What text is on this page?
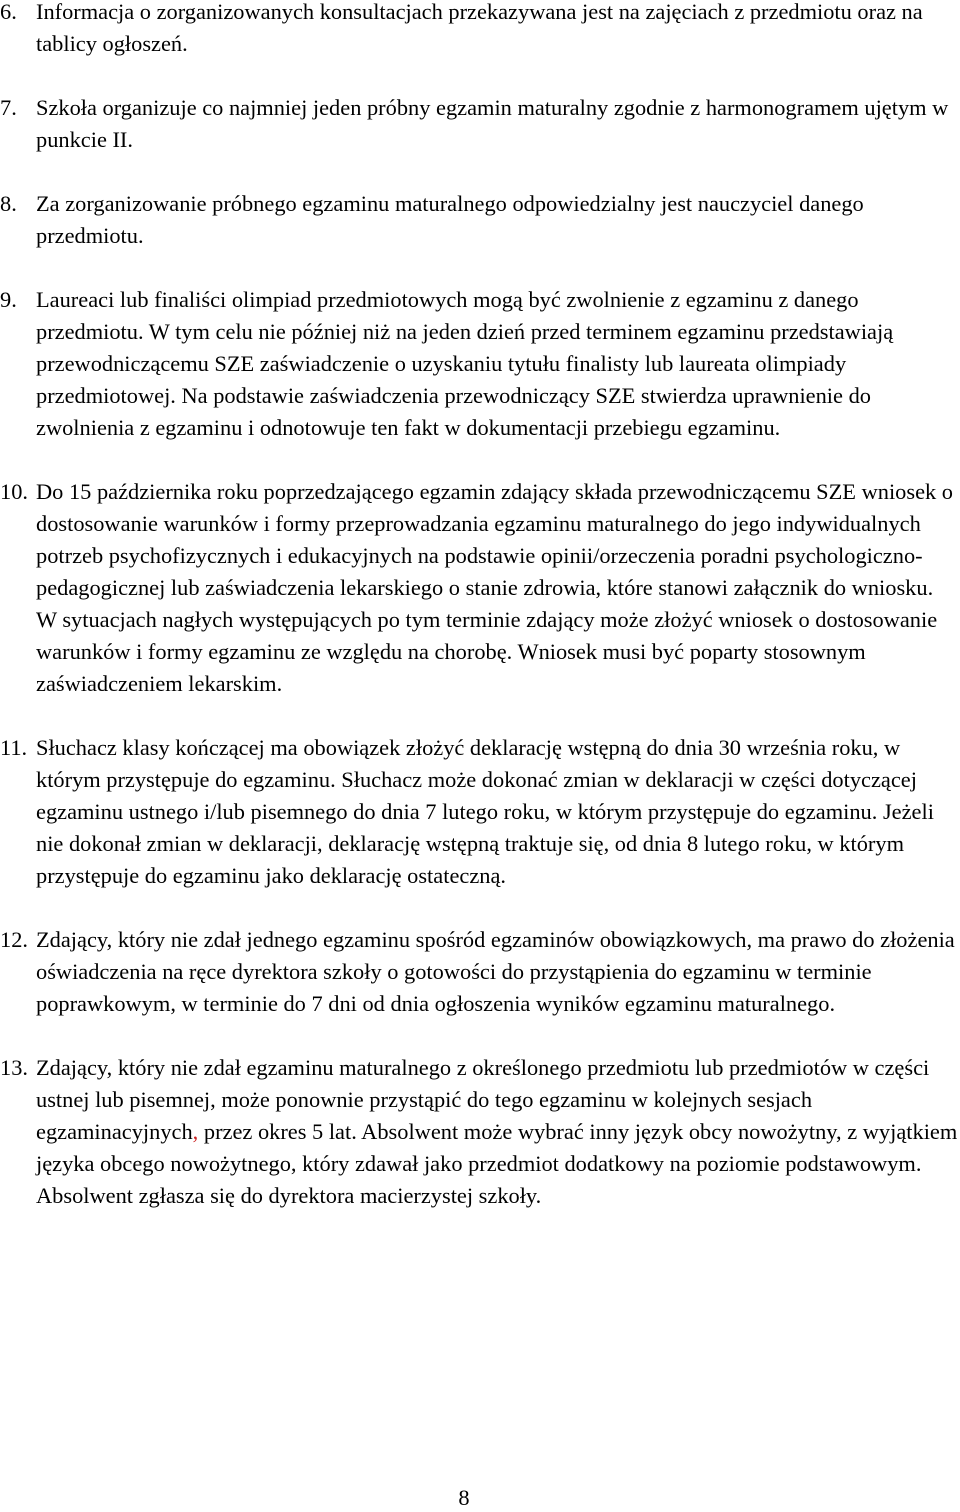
6. Informacja o zorganizowanych konsultacjach przekazywana jest na zajęciach z przedmiotu oraz na tablicy ogłoszeń.
7. Szkoła organizuje co najmniej jeden próbny egzamin maturalny zgodnie z harmonogramem ujętym w punkcie II.
8. Za zorganizowanie próbnego egzaminu maturalnego odpowiedzialny jest nauczyciel danego przedmiotu.
9. Laureaci lub finaliści olimpiad przedmiotowych mogą być zwolnienie z egzaminu z danego przedmiotu. W tym celu nie później niż na jeden dzień przed terminem egzaminu przedstawiają przewodniczącemu SZE zaświadczenie o uzyskaniu tytułu finalisty lub laureata olimpiady przedmiotowej. Na podstawie zaświadczenia przewodniczący SZE stwierdza uprawnienie do zwolnienia z egzaminu i odnotowuje ten fakt w dokumentacji przebiegu egzaminu.
10. Do 15 października roku poprzedzającego egzamin zdający składa przewodniczącemu SZE wniosek o dostosowanie warunków i formy przeprowadzania egzaminu maturalnego do jego indywidualnych potrzeb psychofizycznych i edukacyjnych na podstawie opinii/orzeczenia poradni psychologiczno-pedagogicznej lub zaświadczenia lekarskiego o stanie zdrowia, które stanowi załącznik do wniosku. W sytuacjach nagłych występujących po tym terminie zdający może złożyć wniosek o dostosowanie warunków i formy egzaminu ze względu na chorobę. Wniosek musi być poparty stosownym zaświadczeniem lekarskim.
11. Słuchacz klasy kończącej ma obowiązek złożyć deklarację wstępną do dnia 30 września roku, w którym przystępuje do egzaminu. Słuchacz może dokonać zmian w deklaracji w części dotyczącej egzaminu ustnego i/lub pisemnego do dnia 7 lutego roku, w którym przystępuje do egzaminu. Jeżeli nie dokonał zmian w deklaracji, deklarację wstępną traktuje się, od dnia 8 lutego roku, w którym przystępuje do egzaminu jako deklarację ostateczną.
12. Zdający, który nie zdał jednego egzaminu spośród egzaminów obowiązkowych, ma prawo do złożenia oświadczenia na ręce dyrektora szkoły o gotowości do przystąpienia do egzaminu w terminie poprawkowym, w terminie do 7 dni od dnia ogłoszenia wyników egzaminu maturalnego.
13. Zdający, który nie zdał egzaminu maturalnego z określonego przedmiotu lub przedmiotów w części ustnej lub pisemnej, może ponownie przystąpić do tego egzaminu w kolejnych sesjach egzaminacyjnych, przez okres 5 lat. Absolwent może wybrać inny język obcy nowożytny, z wyjątkiem języka obcego nowożytnego, który zdawał jako przedmiot dodatkowy na poziomie podstawowym. Absolwent zgłasza się do dyrektora macierzystej szkoły.
8
